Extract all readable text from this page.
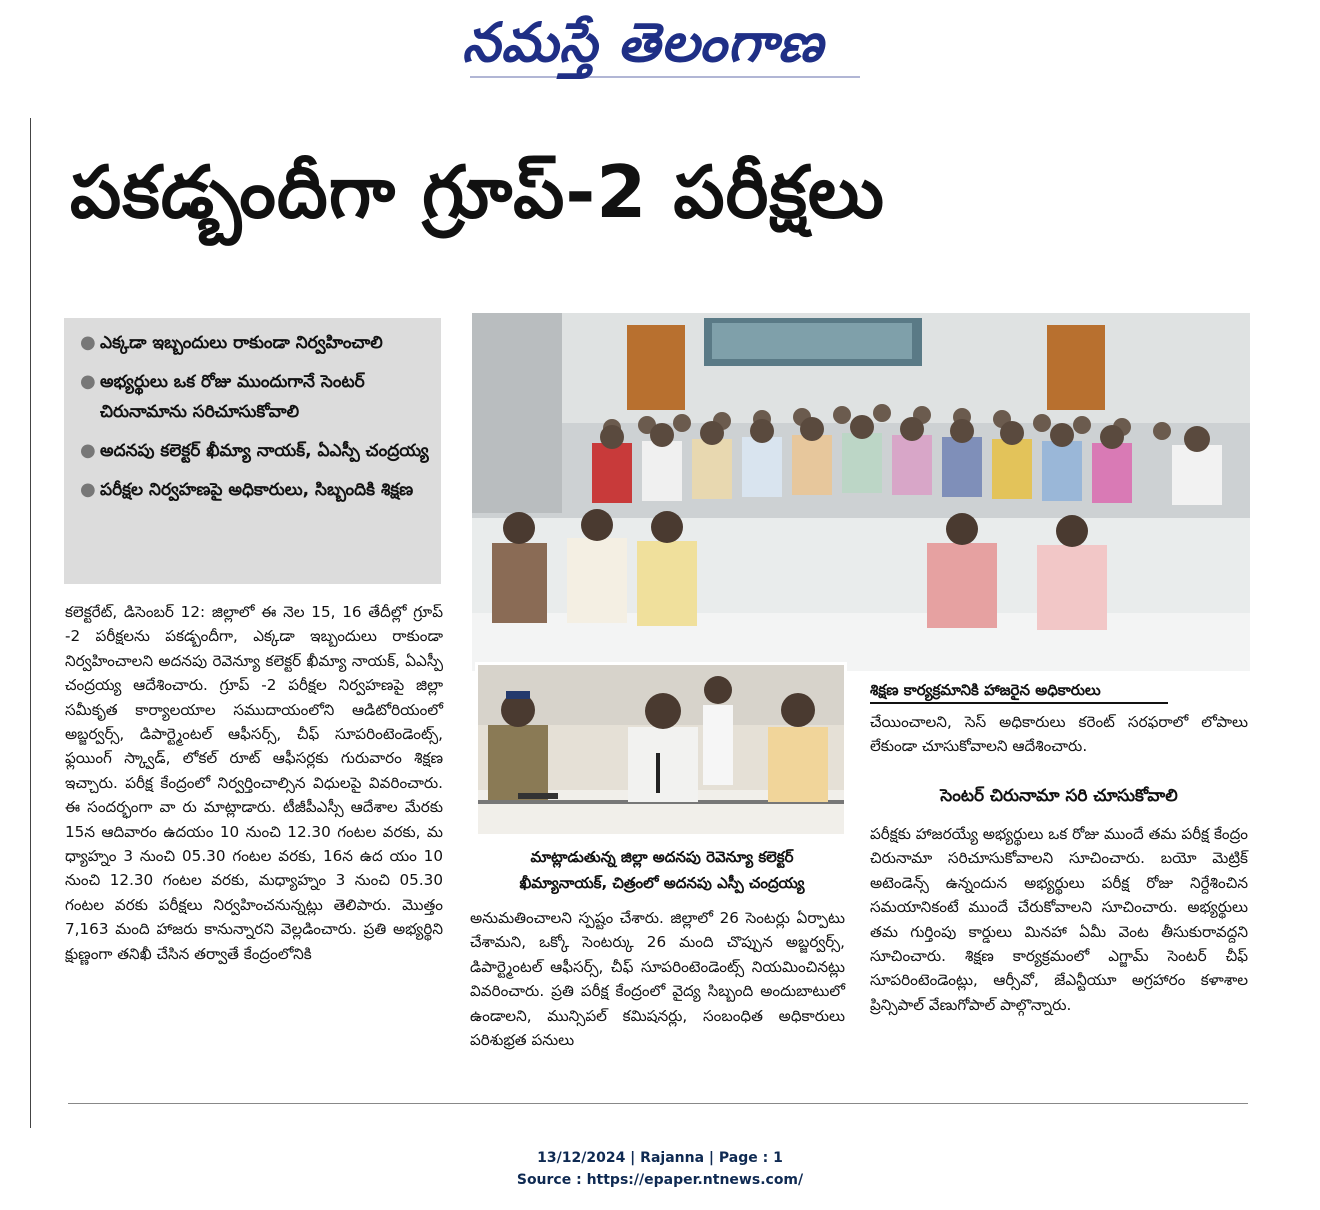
నమస్తే తెలంగాణ
పకడ్బందీగా గ్రూప్-2 పరీక్షలు
● ఎక్కడా ఇబ్బందులు రాకుండా నిర్వహించాలి
● అభ్యర్థులు ఒక రోజు ముందుగానే సెంటర్ చిరునామాను సరిచూసుకోవాలి
● అదనపు కలెక్టర్ ఖీమ్యా నాయక్, ఏఎస్పీ చంద్రయ్య
● పరీక్షల నిర్వహణపై అధికారులు, సిబ్బందికి శిక్షణ
శిక్షణ కార్యక్రమానికి హాజరైన అధికారులు
మాట్లాడుతున్న జిల్లా అదనపు రెవెన్యూ కలెక్టర్ ఖీమ్యానాయక్, చిత్రంలో అదనపు ఎస్పీ చంద్రయ్య
కలెక్టరేట్, డిసెంబర్ 12: జిల్లాలో ఈ నెల 15, 16 తేదీల్లో గ్రూప్ -2 పరీక్షలను పకడ్బందీగా, ఎక్కడా ఇబ్బందులు రాకుండా నిర్వహించాలని అదనపు రెవెన్యూ కలెక్టర్ ఖీమ్యా నాయక్, ఏఎస్పీ చంద్రయ్య ఆదేశించారు. గ్రూప్ -2 పరీక్షల నిర్వహణపై జిల్లా సమీకృత కార్యాలయాల సముదాయంలోని ఆడిటోరియంలో అబ్జర్వర్స్, డిపార్ట్మెంటల్ ఆఫీసర్స్, చీఫ్ సూపరింటెండెంట్స్, ఫ్లయింగ్ స్క్వాడ్, లోకల్ రూట్ ఆఫీసర్లకు గురువారం శిక్షణ ఇచ్చారు. పరీక్ష కేంద్రంలో నిర్వర్తించాల్సిన విధులపై వివరించారు. ఈ సందర్భంగా వా రు మాట్లాడారు. టీజీపీఎస్సీ ఆదేశాల మేరకు 15న ఆదివారం ఉదయం 10 నుంచి 12.30 గంటల వరకు, మ ధ్యాహ్నం 3 నుంచి 05.30 గంటల వరకు, 16న ఉద యం 10 నుంచి 12.30 గంటల వరకు, మధ్యాహ్నం 3 నుంచి 05.30 గంటల వరకు పరీక్షలు నిర్వహించనున్నట్లు తెలిపారు. మొత్తం 7,163 మంది హాజరు కానున్నారని వెల్లడించారు. ప్రతి అభ్యర్థిని క్షుణ్ణంగా తనిఖీ చేసిన తర్వాతే కేంద్రంలోనికి
అనుమతించాలని స్పష్టం చేశారు. జిల్లాలో 26 సెంటర్లు ఏర్పాటు చేశామని, ఒక్కో సెంటర్కు 26 మంది చొప్పున అబ్జర్వర్స్, డిపార్ట్మెంటల్ ఆఫీసర్స్, చీఫ్ సూపరింటెండెంట్స్ నియమించినట్లు వివరించారు. ప్రతి పరీక్ష కేంద్రంలో వైద్య సిబ్బంది అందుబాటులో ఉండాలని, మున్సిపల్ కమిషనర్లు, సంబంధిత అధికారులు పరిశుభ్రత పనులు
చేయించాలని, సెస్ అధికారులు కరెంట్ సరఫరాలో లోపాలు లేకుండా చూసుకోవాలని ఆదేశించారు.
సెంటర్ చిరునామా సరి చూసుకోవాలి
పరీక్షకు హాజరయ్యే అభ్యర్థులు ఒక రోజు ముందే తమ పరీక్ష కేంద్రం చిరునామా సరిచూసుకోవాలని సూచించారు. బయో మెట్రిక్ అటెండెన్స్ ఉన్నందున అభ్యర్థులు పరీక్ష రోజు నిర్దేశించిన సమయానికంటే ముందే చేరుకోవాలని సూచించారు. అభ్యర్థులు తమ గుర్తింపు కార్డులు మినహా ఏమీ వెంట తీసుకురావద్దని సూచించారు. శిక్షణ కార్యక్రమంలో ఎగ్జామ్ సెంటర్ చీఫ్ సూపరింటెండెంట్లు, ఆర్సీవో, జేఎన్టీయూ అగ్రహారం కళాశాల ప్రిన్సిపాల్ వేణుగోపాల్ పాల్గొన్నారు.
13/12/2024 | Rajanna | Page : 1
Source : https://epaper.ntnews.com/
